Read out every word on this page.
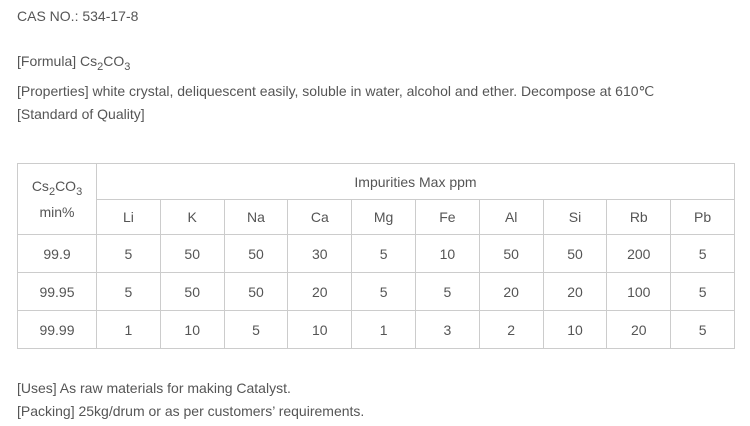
CAS NO.: 534-17-8

[Formula] $Cs_2CO_3$

[Properties] white crystal, deliquescent easily, soluble in water, alcohol and ether. Decompose at 610℃

[Standard of Quality]

$Cs_2CO_3$
min%	Impurities Max ppm									
	Li	K	Na	Ca	Mg	Fe	Al	Si	Rb	Pb
99.9	5	50	50	30	5	10	50	50	200	5
99.95	5	50	50	20	5	5	20	20	100	5
99.99	1	10	5	10	1	3	2	10	20	5

[Uses] As raw materials for making Catalyst.

[Packing] 25kg/drum or as per customers’ requirements.
